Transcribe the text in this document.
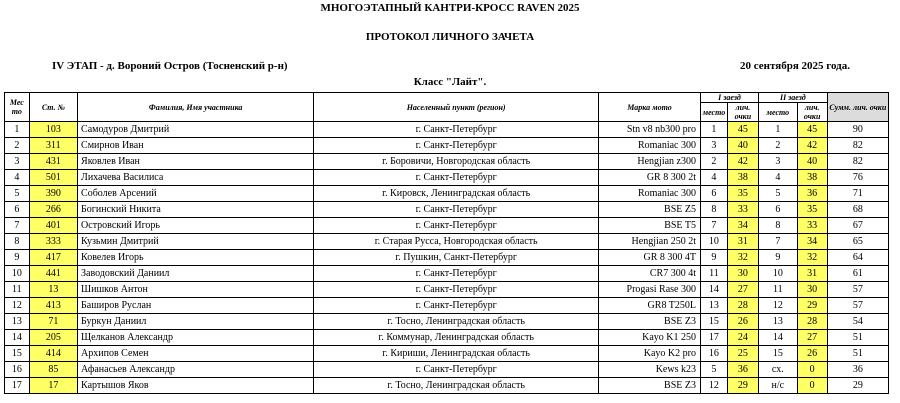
МНОГОЭТАПНЫЙ КАНТРИ-КРОСС RAVEN 2025
ПРОТОКОЛ ЛИЧНОГО ЗАЧЕТА
IV ЭТАП - д. Вороний Остров (Тосненский р-н)	20 сентября 2025 года.
Класс "Лайт".
Мес то	Ст. №	Фамилия, Имя участника	Населенный пункт (регион)	Марка мото	I заезд		II заезд		Сумм. лич. очки
					место	лич. очки	место	лич. очки	
1	103	Самодуров Дмитрий	г. Санкт-Петербург	Stn v8 nb300 pro	1	45	1	45	90
2	311	Смирнов Иван	г. Санкт-Петербург	Romaniac 300	3	40	2	42	82
3	431	Яковлев Иван	г. Боровичи, Новгородская область	Hengjian z300	2	42	3	40	82
4	501	Лихачева Василиса	г. Санкт-Петербург	GR 8 300 2t	4	38	4	38	76
5	390	Соболев Арсений	г. Кировск, Ленинградская область	Romaniac 300	6	35	5	36	71
6	266	Богинский Никита	г. Санкт-Петербург	BSE Z5	8	33	6	35	68
7	401	Островский Игорь	г. Санкт-Петербург	BSE T5	7	34	8	33	67
8	333	Кузьмин Дмитрий	г. Старая Русса, Новгородская область	Hengjian 250 2t	10	31	7	34	65
9	417	Ковелев Игорь	г. Пушкин, Санкт-Петербург	GR 8 300 4T	9	32	9	32	64
10	441	Заводовский Даниил	г. Санкт-Петербург	CR7 300 4t	11	30	10	31	61
11	13	Шишков Антон	г. Санкт-Петербург	Progasi Rase 300	14	27	11	30	57
12	413	Баширов Руслан	г. Санкт-Петербург	GR8 T250L	13	28	12	29	57
13	71	Буркун Даниил	г. Тосно, Ленинградская область	BSE Z3	15	26	13	28	54
14	205	Щелканов Александр	г. Коммунар, Ленинградская область	Kayo K1 250	17	24	14	27	51
15	414	Архипов Семен	г. Кириши, Ленинградская область	Kayo K2 pro	16	25	15	26	51
16	85	Афанасьев Александр	г. Санкт-Петербург	Kews k23	5	36	сх.	0	36
17	17	Картышов Яков	г. Тосно, Ленинградская область	BSE Z3	12	29	н/с	0	29
